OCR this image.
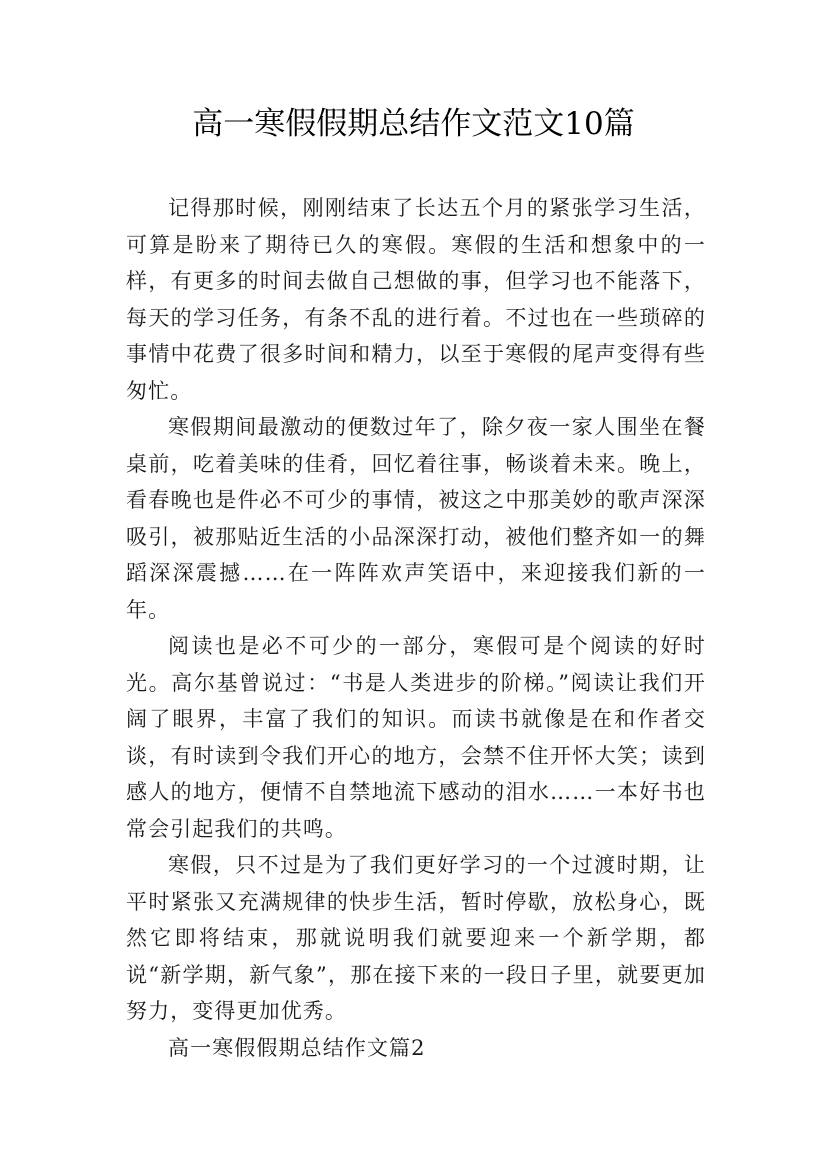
高一寒假假期总结作文范文10篇

记得那时候，刚刚结束了长达五个月的紧张学习生活，可算是盼来了期待已久的寒假。寒假的生活和想象中的一样，有更多的时间去做自己想做的事，但学习也不能落下，每天的学习任务，有条不乱的进行着。不过也在一些琐碎的事情中花费了很多时间和精力，以至于寒假的尾声变得有些匆忙。

寒假期间最激动的便数过年了，除夕夜一家人围坐在餐桌前，吃着美味的佳肴，回忆着往事，畅谈着未来。晚上，看春晚也是件必不可少的事情，被这之中那美妙的歌声深深吸引，被那贴近生活的小品深深打动，被他们整齐如一的舞蹈深深震撼……在一阵阵欢声笑语中，来迎接我们新的一年。

阅读也是必不可少的一部分，寒假可是个阅读的好时光。高尔基曾说过：“书是人类进步的阶梯。”阅读让我们开阔了眼界，丰富了我们的知识。而读书就像是在和作者交谈，有时读到令我们开心的地方，会禁不住开怀大笑；读到感人的地方，便情不自禁地流下感动的泪水……一本好书也常会引起我们的共鸣。

寒假，只不过是为了我们更好学习的一个过渡时期，让平时紧张又充满规律的快步生活，暂时停歇，放松身心，既然它即将结束，那就说明我们就要迎来一个新学期，都说“新学期，新气象”，那在接下来的一段日子里，就要更加努力，变得更加优秀。

高一寒假假期总结作文篇2
